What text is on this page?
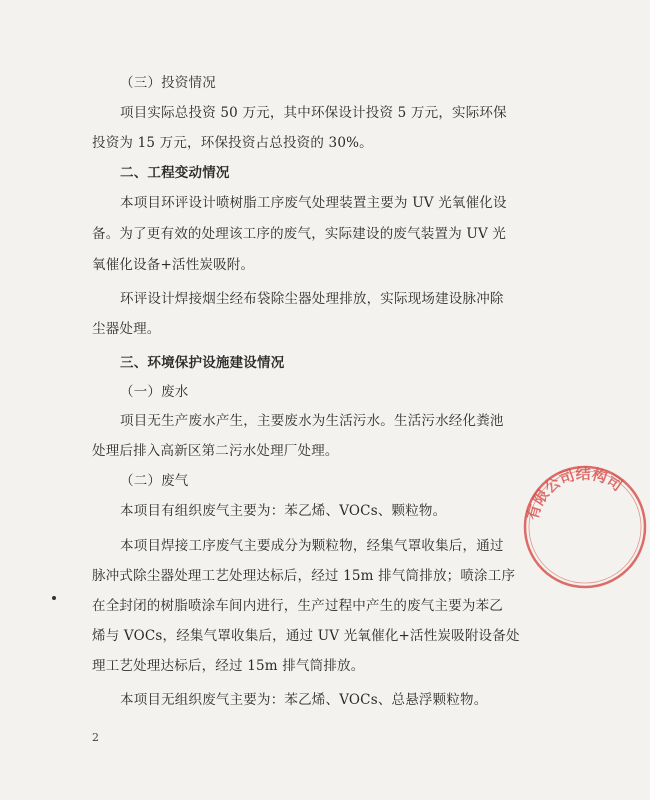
（三）投资情况

项目实际总投资 50 万元，其中环保设计投资 5 万元，实际环保

投资为 15 万元，环保投资占总投资的 30%。

二、工程变动情况

本项目环评设计喷树脂工序废气处理装置主要为 UV 光氧催化设

备。为了更有效的处理该工序的废气，实际建设的废气装置为 UV 光

氧催化设备+活性炭吸附。

环评设计焊接烟尘经布袋除尘器处理排放，实际现场建设脉冲除

尘器处理。

三、环境保护设施建设情况

（一）废水

项目无生产废水产生，主要废水为生活污水。生活污水经化粪池

处理后排入高新区第二污水处理厂处理。

（二）废气

本项目有组织废气主要为：苯乙烯、VOCs、颗粒物。

本项目焊接工序废气主要成分为颗粒物，经集气罩收集后，通过

脉冲式除尘器处理工艺处理达标后，经过 15m 排气筒排放；喷涂工序

在全封闭的树脂喷涂车间内进行，生产过程中产生的废气主要为苯乙

烯与 VOCs，经集气罩收集后，通过 UV 光氧催化+活性炭吸附设备处

理工艺处理达标后，经过 15m 排气筒排放。

本项目无组织废气主要为：苯乙烯、VOCs、总悬浮颗粒物。

2
有限公司结构司
